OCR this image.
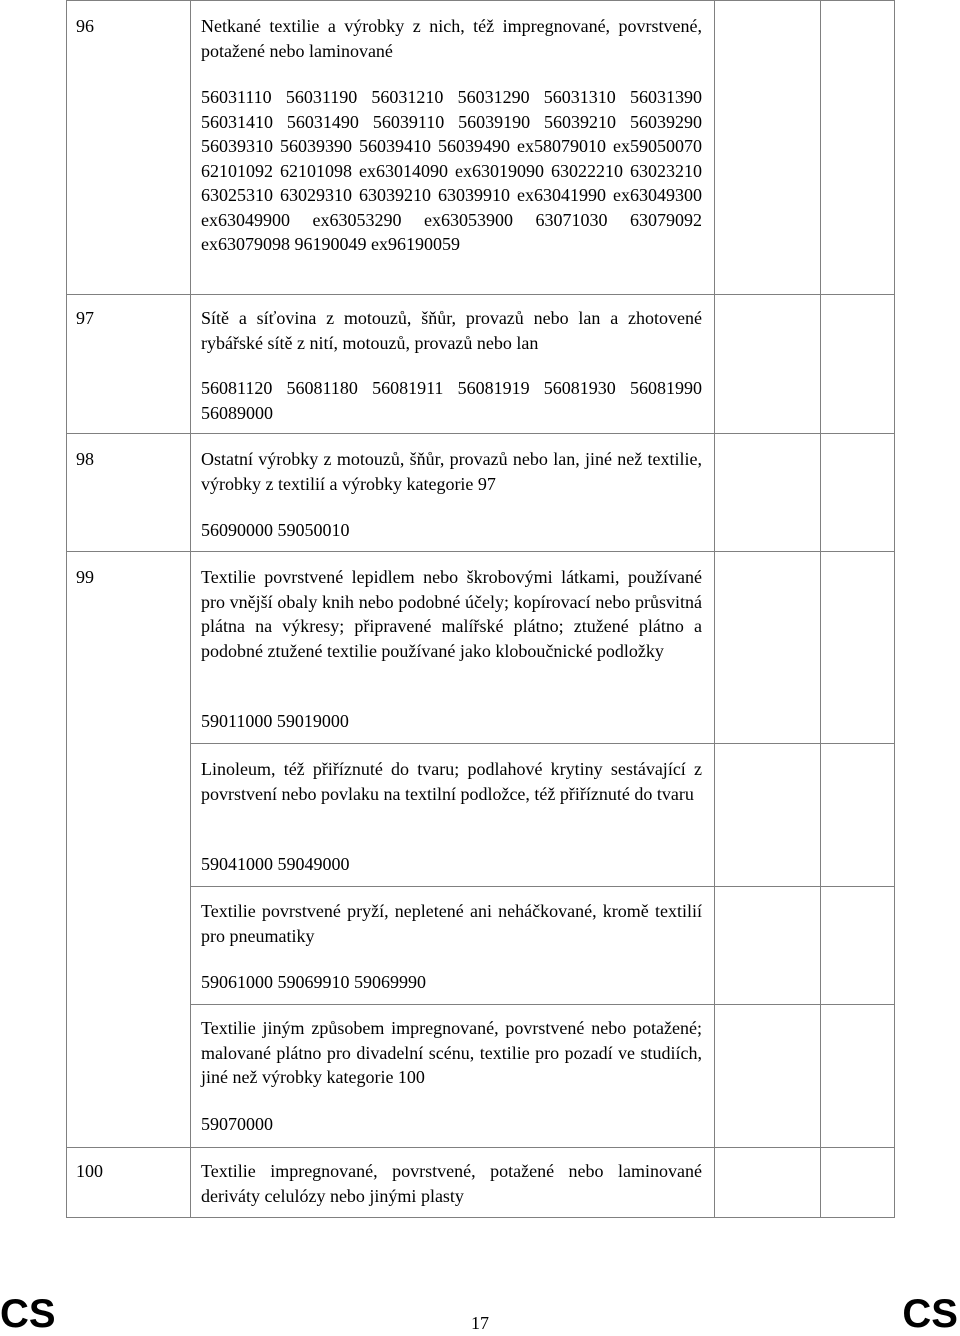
96	Netkané textilie a výrobky z nich, též impregnované, povrstvené, potažené nebo laminované
56031110 56031190 56031210 56031290 56031310 56031390 56031410 56031490 56039110 56039190 56039210 56039290 56039310 56039390 56039410 56039490 ex58079010 ex59050070 62101092 62101098 ex63014090 ex63019090 63022210 63023210 63025310 63029310 63039210 63039910 ex63041990 ex63049300 ex63049900 ex63053290 ex63053900 63071030 63079092 ex63079098 96190049 ex96190059
97	Sítě a síťovina z motouzů, šňůr, provazů nebo lan a zhotovené rybářské sítě z nití, motouzů, provazů nebo lan
56081120 56081180 56081911 56081919 56081930 56081990 56089000
98	Ostatní výrobky z motouzů, šňůr, provazů nebo lan, jiné než textilie, výrobky z textilií a výrobky kategorie 97
56090000 59050010
99	Textilie povrstvené lepidlem nebo škrobovými látkami, používané pro vnější obaly knih nebo podobné účely; kopírovací nebo průsvitná plátna na výkresy; připravené malířské plátno; ztužené plátno a podobné ztužené textilie používané jako kloboučnické podložky
59011000 59019000
Linoleum, též přiříznuté do tvaru; podlahové krytiny sestávající z povrstvení nebo povlaku na textilní podložce, též přiříznuté do tvaru
59041000 59049000
Textilie povrstvené pryží, nepletené ani neháčkované, kromě textilií pro pneumatiky
59061000 59069910 59069990
Textilie jiným způsobem impregnované, povrstvené nebo potažené; malované plátno pro divadelní scénu, textilie pro pozadí ve studiích, jiné než výrobky kategorie 100
59070000
100	Textilie impregnované, povrstvené, potažené nebo laminované deriváty celulózy nebo jinými plasty
CS	17	CS
